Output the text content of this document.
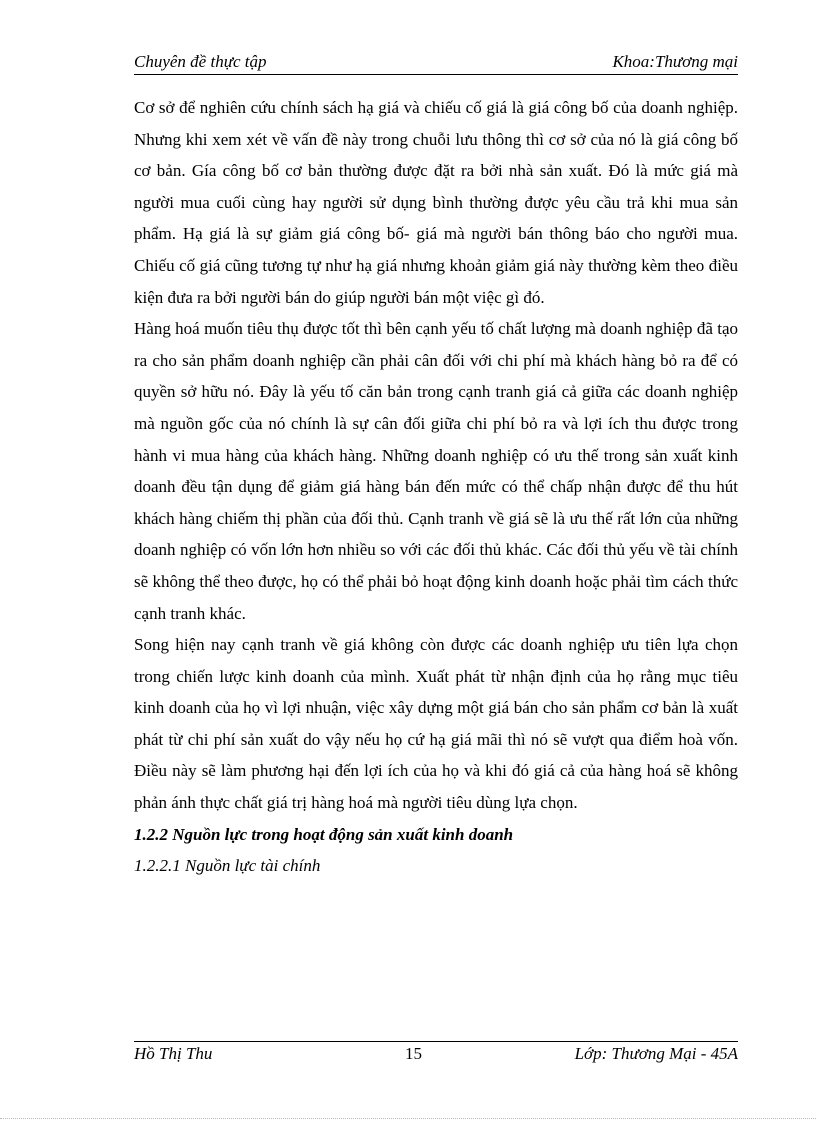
Chuyên đề thực tập	Khoa:Thương mại

Cơ sở để nghiên cứu chính sách hạ giá và chiếu cố giá là giá công bố của doanh nghiệp. Nhưng khi xem xét về vấn đề này trong chuỗi lưu thông thì cơ sở của nó là giá công bố cơ bản. Gía công bố cơ bản thường được đặt ra bởi nhà sản xuất. Đó là mức giá mà người mua cuối cùng hay người sử dụng bình thường được yêu cầu trả khi mua sản phẩm. Hạ giá là sự giảm giá công bố- giá mà người bán thông báo cho người mua. Chiếu cố giá cũng tương tự như hạ giá nhưng khoản giảm giá này thường kèm theo điều kiện đưa ra bởi người bán do giúp người bán một việc gì đó.

Hàng hoá muốn tiêu thụ được tốt thì bên cạnh yếu tố chất lượng mà doanh nghiệp đã tạo ra cho sản phẩm doanh nghiệp cần phải cân đối với chi phí mà khách hàng bỏ ra để có quyền sở hữu nó. Đây là yếu tố căn bản trong cạnh tranh giá cả giữa các doanh nghiệp mà nguồn gốc của nó chính là sự cân đối giữa chi phí bỏ ra và lợi ích thu được trong hành vi mua hàng của khách hàng. Những doanh nghiệp có ưu thế trong sản xuất kinh doanh đều tận dụng để giảm giá hàng bán đến mức có thể chấp nhận được để thu hút khách hàng chiếm thị phần của đối thủ. Cạnh tranh về giá sẽ là ưu thế rất lớn của những doanh nghiệp có vốn lớn hơn nhiều so với các đối thủ khác. Các đối thủ yếu về tài chính sẽ không thể theo được, họ có thể phải bỏ hoạt động kinh doanh hoặc phải tìm cách thức cạnh tranh khác.

Song hiện nay cạnh tranh về giá không còn được các doanh nghiệp ưu tiên lựa chọn trong chiến lược kinh doanh của mình. Xuất phát từ nhận định của họ rằng mục tiêu kinh doanh của họ vì lợi nhuận, việc xây dựng một giá bán cho sản phẩm cơ bản là xuất phát từ chi phí sản xuất do vậy nếu họ cứ hạ giá mãi thì nó sẽ vượt qua điểm hoà vốn. Điều này sẽ làm phương hại đến lợi ích của họ và khi đó giá cả của hàng hoá sẽ không phản ánh thực chất giá trị hàng hoá mà người tiêu dùng lựa chọn.

1.2.2 Nguồn lực trong hoạt động sản xuất kinh doanh

1.2.2.1 Nguồn lực tài chính

Hồ Thị Thu	15	Lớp: Thương Mại - 45A
